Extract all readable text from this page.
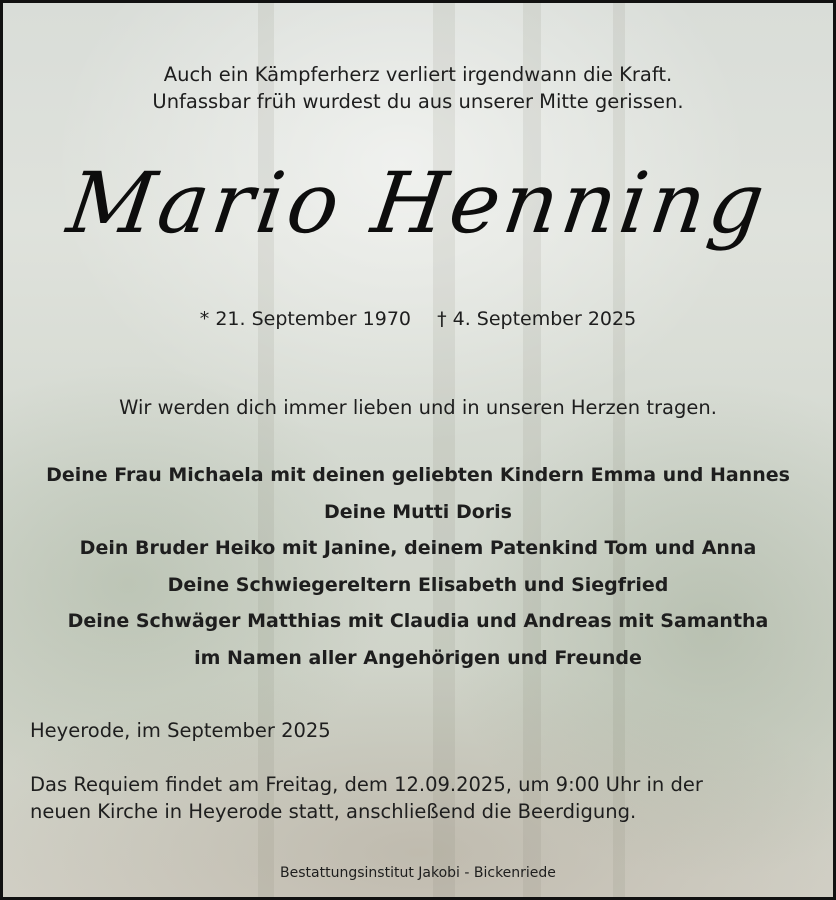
Auch ein Kämpferherz verliert irgendwann die Kraft.
Unfassbar früh wurdest du aus unserer Mitte gerissen.
Mario Henning
* 21. September 1970 † 4. September 2025
Wir werden dich immer lieben und in unseren Herzen tragen.
Deine Frau Michaela mit deinen geliebten Kindern Emma und Hannes
Deine Mutti Doris
Dein Bruder Heiko mit Janine, deinem Patenkind Tom und Anna
Deine Schwiegereltern Elisabeth und Siegfried
Deine Schwäger Matthias mit Claudia und Andreas mit Samantha
im Namen aller Angehörigen und Freunde
Heyerode, im September 2025
Das Requiem findet am Freitag, dem 12.09.2025, um 9:00 Uhr in der
neuen Kirche in Heyerode statt, anschließend die Beerdigung.
Bestattungsinstitut Jakobi - Bickenriede
